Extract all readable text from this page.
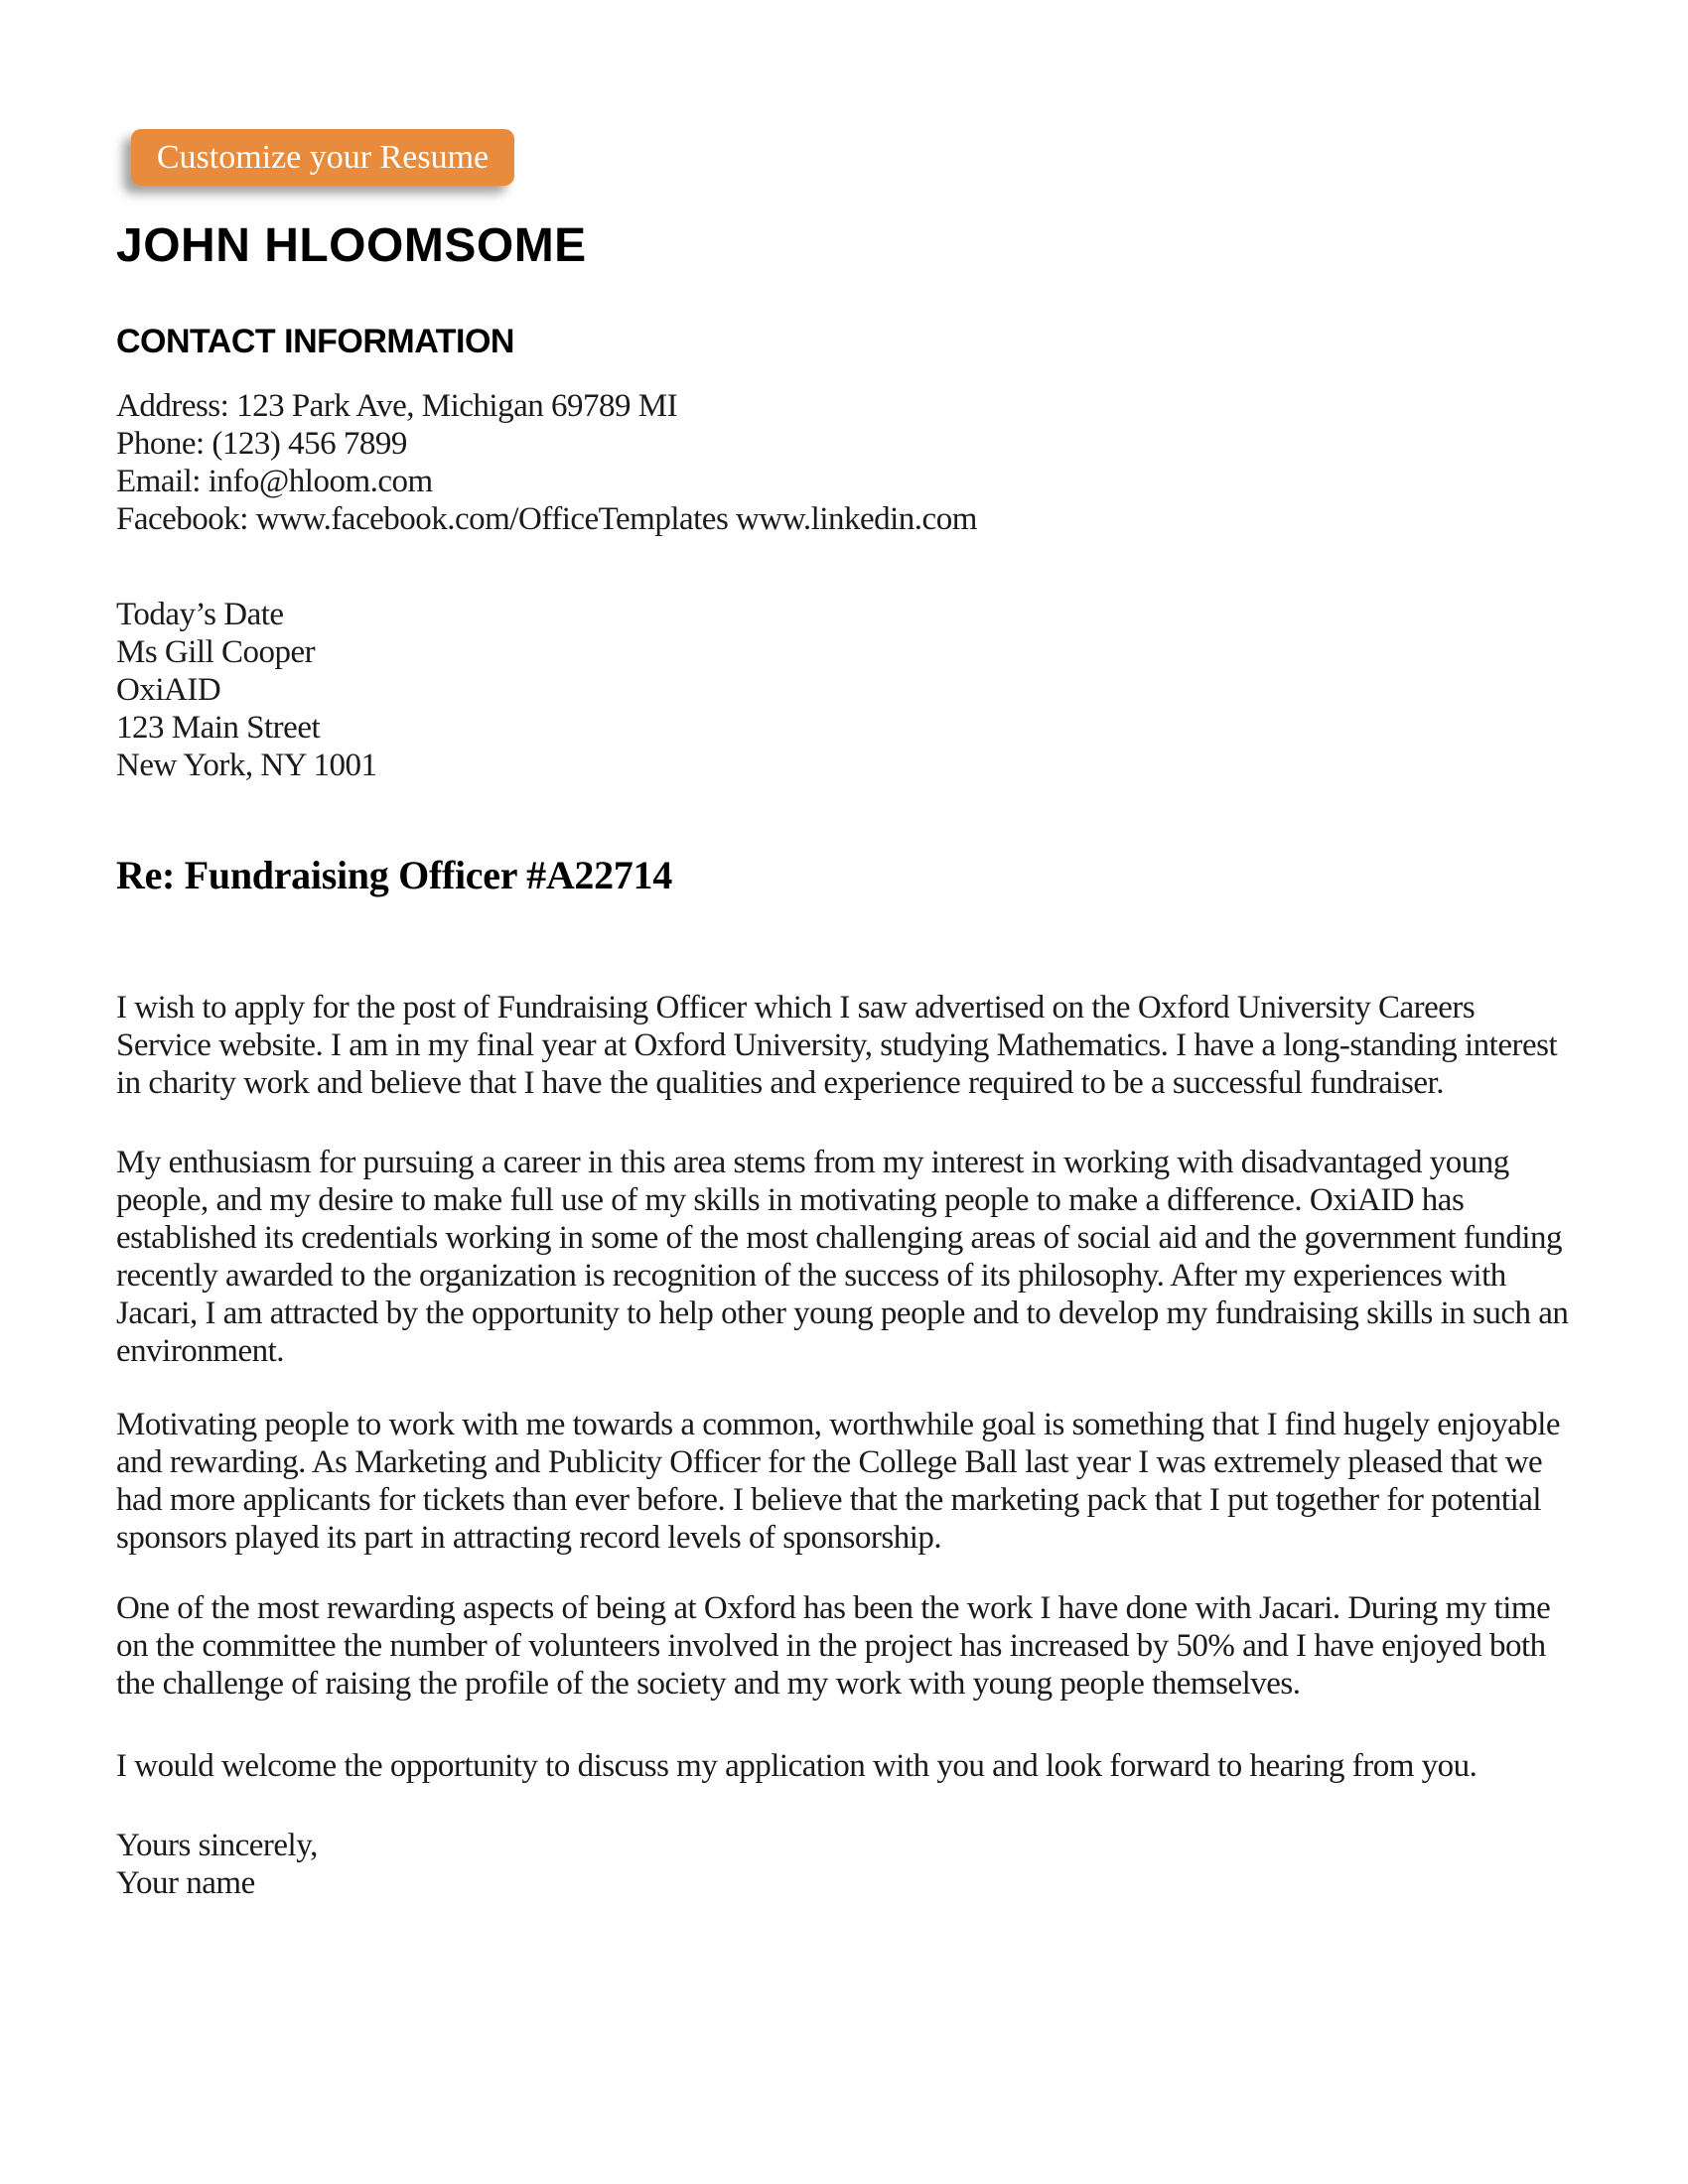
Customize your Resume
JOHN HLOOMSOME
CONTACT INFORMATION
Address: 123 Park Ave, Michigan 69789 MI
Phone: (123) 456 7899
Email: info@hloom.com
Facebook: www.facebook.com/OfficeTemplates www.linkedin.com
Today’s Date
Ms Gill Cooper
OxiAID
123 Main Street
New York, NY 1001
Re: Fundraising Officer #A22714
I wish to apply for the post of Fundraising Officer which I saw advertised on the Oxford University Careers Service website. I am in my final year at Oxford University, studying Mathematics. I have a long-standing interest in charity work and believe that I have the qualities and experience required to be a successful fundraiser.
My enthusiasm for pursuing a career in this area stems from my interest in working with disadvantaged young people, and my desire to make full use of my skills in motivating people to make a difference. OxiAID has established its credentials working in some of the most challenging areas of social aid and the government funding recently awarded to the organization is recognition of the success of its philosophy. After my experiences with Jacari, I am attracted by the opportunity to help other young people and to develop my fundraising skills in such an environment.
Motivating people to work with me towards a common, worthwhile goal is something that I find hugely enjoyable and rewarding. As Marketing and Publicity Officer for the College Ball last year I was extremely pleased that we had more applicants for tickets than ever before. I believe that the marketing pack that I put together for potential sponsors played its part in attracting record levels of sponsorship.
One of the most rewarding aspects of being at Oxford has been the work I have done with Jacari. During my time on the committee the number of volunteers involved in the project has increased by 50% and I have enjoyed both the challenge of raising the profile of the society and my work with young people themselves.
I would welcome the opportunity to discuss my application with you and look forward to hearing from you.
Yours sincerely,
Your name
